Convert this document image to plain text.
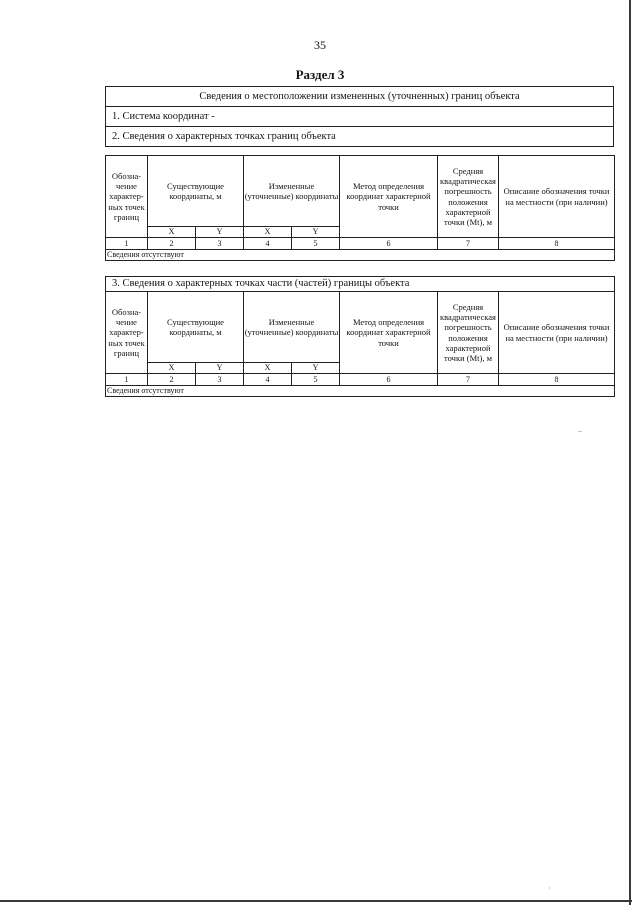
35
Раздел 3
Сведения о местоположении измененных (уточненных) границ объекта
1. Система координат -
2. Сведения о характерных точках границ объекта
Обозна-чение характер-ных точек границ	Существующие координаты, м		Измененные (уточненные) координаты		Метод определения координат характерной точки	Средняя квадратическая погрешность положения характерной точки (Mt), м	Описание обозначения точки на местности (при наличии)
	X	Y	X	Y			
1	2	3	4	5	6	7	8
Сведения отсутствуют							
3. Сведения о характерных точках части (частей) границы объекта							
Обозна-чение характер-ных точек границ	Существующие координаты, м		Измененные (уточненные) координаты		Метод определения координат характерной точки	Средняя квадратическая погрешность положения характерной точки (Mt), м	Описание обозначения точки на местности (при наличии)
	X	Y	X	Y			
1	2	3	4	5	6	7	8
Сведения отсутствуют							
–
·
